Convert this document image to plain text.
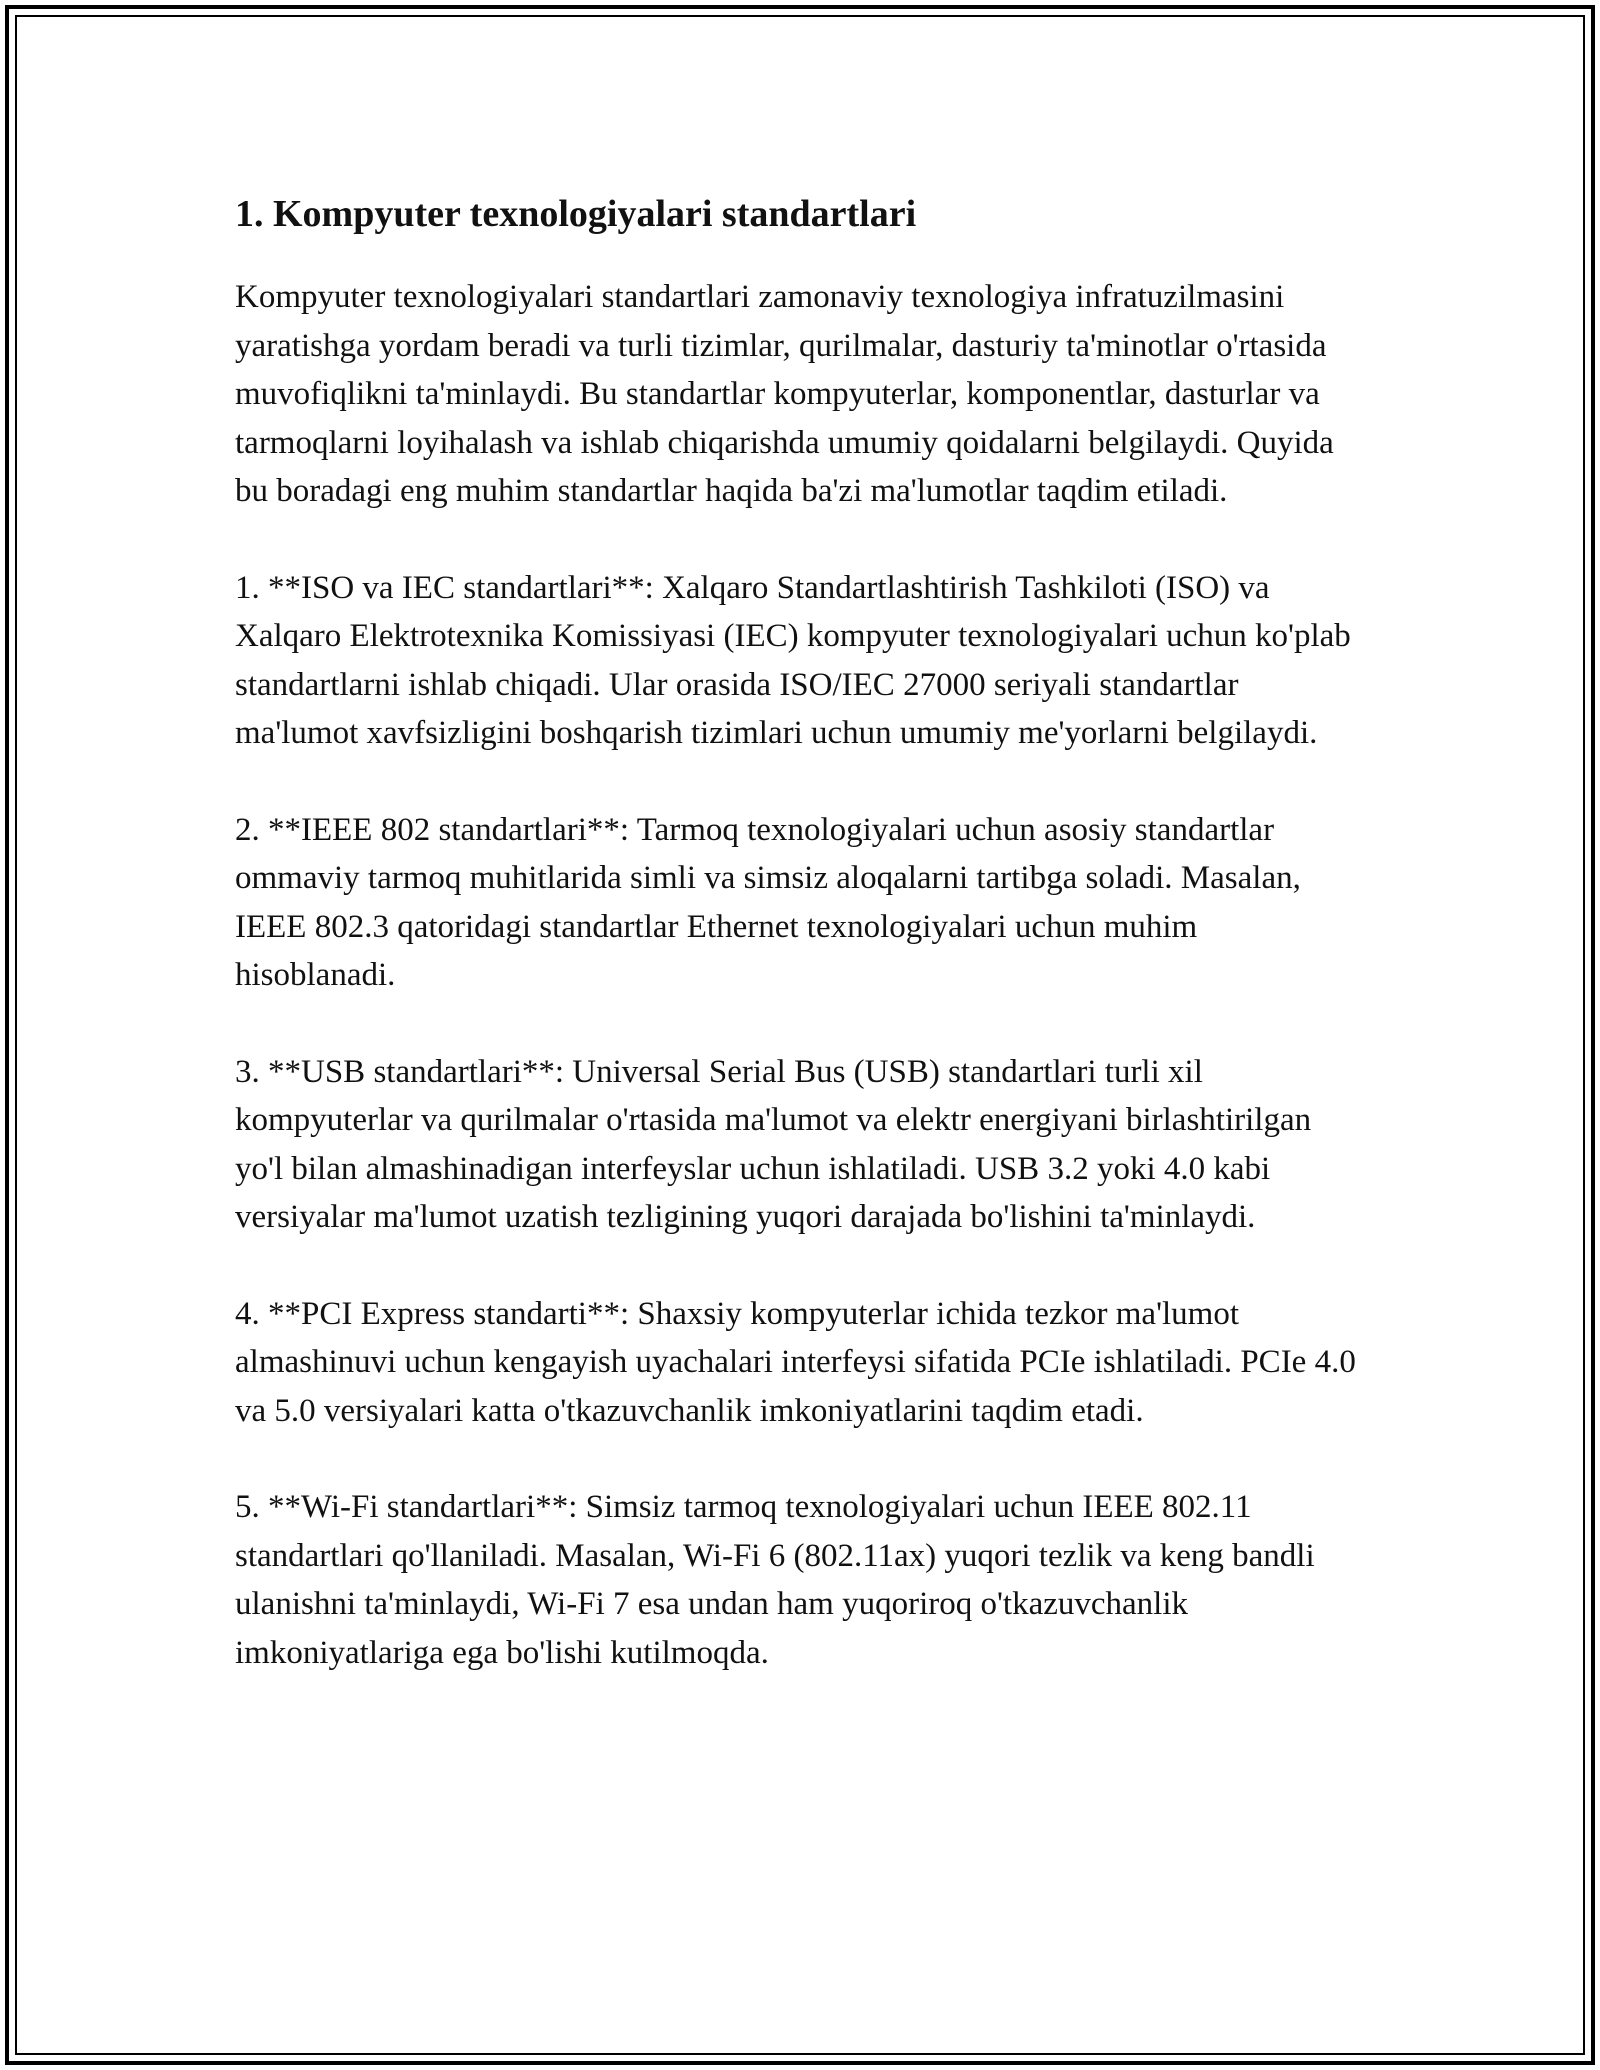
1. Kompyuter texnologiyalari standartlari

Kompyuter texnologiyalari standartlari zamonaviy texnologiya infratuzilmasini yaratishga yordam beradi va turli tizimlar, qurilmalar, dasturiy ta'minotlar o'rtasida muvofiqlikni ta'minlaydi. Bu standartlar kompyuterlar, komponentlar, dasturlar va tarmoqlarni loyihalash va ishlab chiqarishda umumiy qoidalarni belgilaydi. Quyida bu boradagi eng muhim standartlar haqida ba'zi ma'lumotlar taqdim etiladi.

1. **ISO va IEC standartlari**: Xalqaro Standartlashtirish Tashkiloti (ISO) va Xalqaro Elektrotexnika Komissiyasi (IEC) kompyuter texnologiyalari uchun ko'plab standartlarni ishlab chiqadi. Ular orasida ISO/IEC 27000 seriyali standartlar ma'lumot xavfsizligini boshqarish tizimlari uchun umumiy me'yorlarni belgilaydi.

2. **IEEE 802 standartlari**: Tarmoq texnologiyalari uchun asosiy standartlar ommaviy tarmoq muhitlarida simli va simsiz aloqalarni tartibga soladi. Masalan, IEEE 802.3 qatoridagi standartlar Ethernet texnologiyalari uchun muhim hisoblanadi.

3. **USB standartlari**: Universal Serial Bus (USB) standartlari turli xil kompyuterlar va qurilmalar o'rtasida ma'lumot va elektr energiyani birlashtirilgan yo'l bilan almashinadigan interfeyslar uchun ishlatiladi. USB 3.2 yoki 4.0 kabi versiyalar ma'lumot uzatish tezligining yuqori darajada bo'lishini ta'minlaydi.

4. **PCI Express standarti**: Shaxsiy kompyuterlar ichida tezkor ma'lumot almashinuvi uchun kengayish uyachalari interfeysi sifatida PCIe ishlatiladi. PCIe 4.0 va 5.0 versiyalari katta o'tkazuvchanlik imkoniyatlarini taqdim etadi.

5. **Wi-Fi standartlari**: Simsiz tarmoq texnologiyalari uchun IEEE 802.11 standartlari qo'llaniladi. Masalan, Wi-Fi 6 (802.11ax) yuqori tezlik va keng bandli ulanishni ta'minlaydi, Wi-Fi 7 esa undan ham yuqoriroq o'tkazuvchanlik imkoniyatlariga ega bo'lishi kutilmoqda.
